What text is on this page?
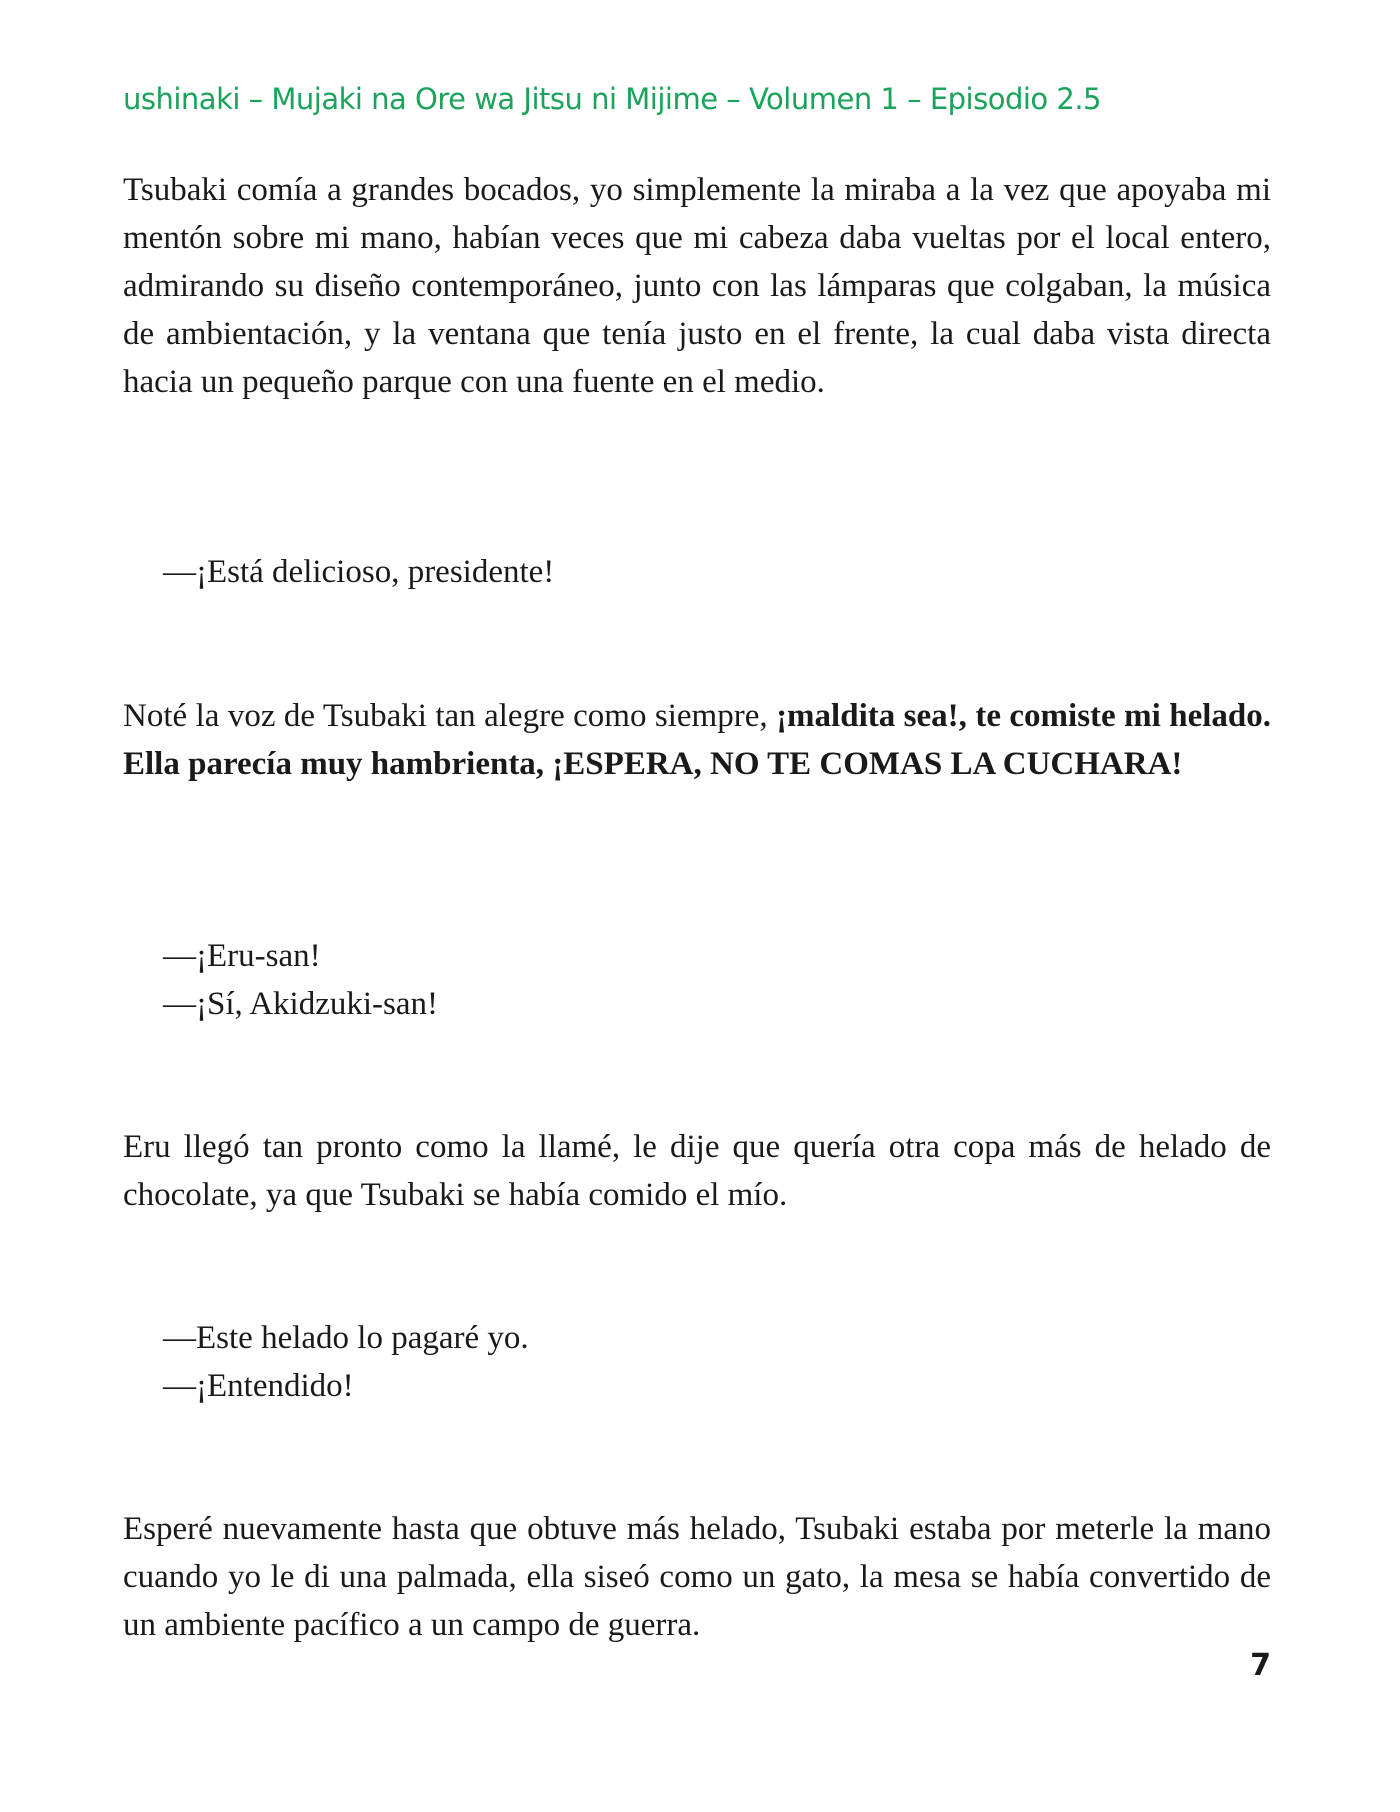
ushinaki – Mujaki na Ore wa Jitsu ni Mijime – Volumen 1 – Episodio 2.5

Tsubaki comía a grandes bocados, yo simplemente la miraba a la vez que apoyaba mi mentón sobre mi mano, habían veces que mi cabeza daba vueltas por el local entero, admirando su diseño contemporáneo, junto con las lámparas que colgaban, la música de ambientación, y la ventana que tenía justo en el frente, la cual daba vista directa hacia un pequeño parque con una fuente en el medio.

—¡Está delicioso, presidente!

Noté la voz de Tsubaki tan alegre como siempre, ¡maldita sea!, te comiste mi helado. Ella parecía muy hambrienta, ¡ESPERA, NO TE COMAS LA CUCHARA!

—¡Eru-san!

—¡Sí, Akidzuki-san!

Eru llegó tan pronto como la llamé, le dije que quería otra copa más de helado de chocolate, ya que Tsubaki se había comido el mío.

—Este helado lo pagaré yo.

—¡Entendido!

Esperé nuevamente hasta que obtuve más helado, Tsubaki estaba por meterle la mano cuando yo le di una palmada, ella siseó como un gato, la mesa se había convertido de un ambiente pacífico a un campo de guerra.

7
